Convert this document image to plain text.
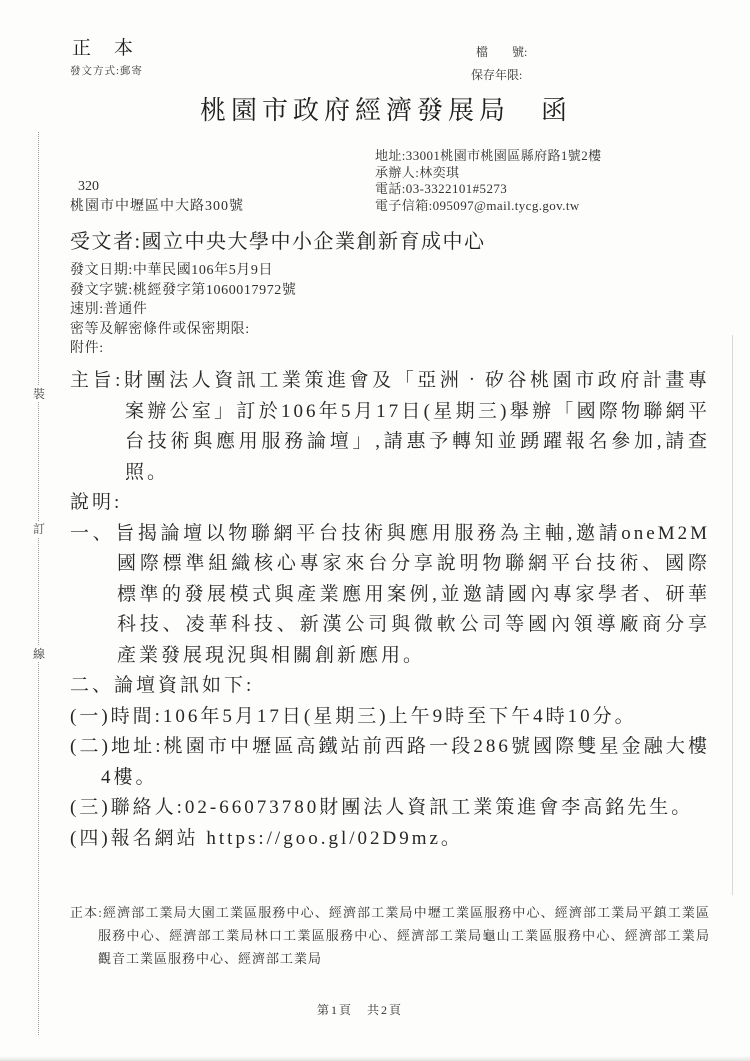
裝
訂
線
正　本
發文方式:郵寄
檔　　號:
保存年限:
桃園市政府經濟發展局　函
地址:33001桃園市桃園區縣府路1號2樓
承辦人:林奕琪
電話:03-3322101#5273
電子信箱:095097@mail.tycg.gov.tw
320
桃園市中壢區中大路300號
受文者:國立中央大學中小企業創新育成中心
發文日期:中華民國106年5月9日
發文字號:桃經發字第1060017972號
速別:普通件
密等及解密條件或保密期限:
附件:

主旨:財團法人資訊工業策進會及「亞洲‧矽谷桃園市政府計畫專案辦公室」訂於106年5月17日(星期三)舉辦「國際物聯網平台技術與應用服務論壇」,請惠予轉知並踴躍報名參加,請查照。

說明:

一、旨揭論壇以物聯網平台技術與應用服務為主軸,邀請oneM2M國際標準組織核心專家來台分享說明物聯網平台技術、國際標準的發展模式與產業應用案例,並邀請國內專家學者、研華科技、凌華科技、新漢公司與微軟公司等國內領導廠商分享產業發展現況與相關創新應用。

二、論壇資訊如下:

(一)時間:106年5月17日(星期三)上午9時至下午4時10分。

(二)地址:桃園市中壢區高鐵站前西路一段286號國際雙星金融大樓4樓。

(三)聯絡人:02-66073780財團法人資訊工業策進會李高銘先生。

(四)報名網站 https://goo.gl/02D9mz。

正本:經濟部工業局大園工業區服務中心、經濟部工業局中壢工業區服務中心、經濟部工業局平鎮工業區服務中心、經濟部工業局林口工業區服務中心、經濟部工業局龜山工業區服務中心、經濟部工業局觀音工業區服務中心、經濟部工業局
第1頁　共2頁
